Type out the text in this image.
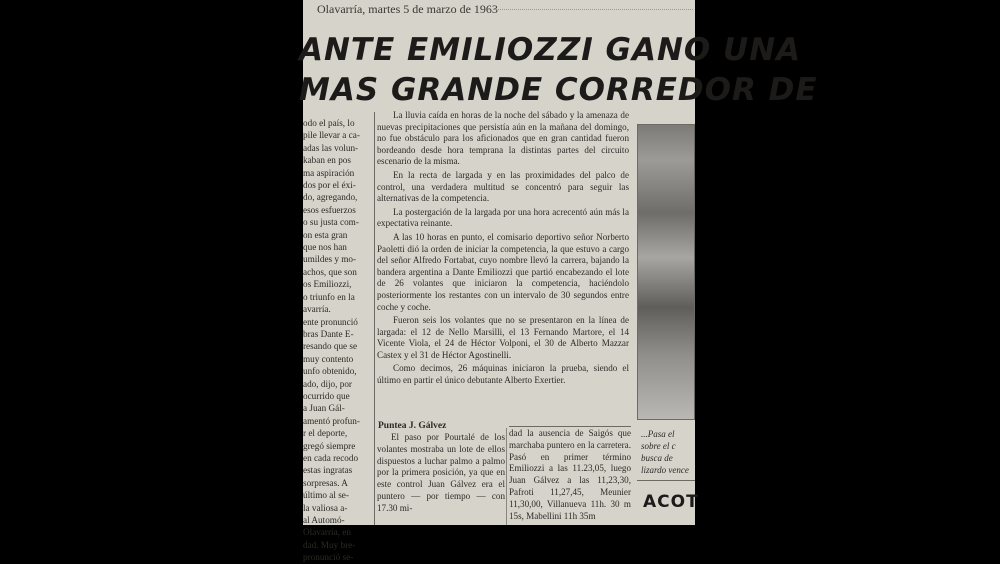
Olavarría, martes 5 de marzo de 1963
ANTE EMILIOZZI GANO UNA
MAS GRANDE CORREDOR DE
odo el país, lo
pile llevar a ca-
adas las volun-
kaban en pos
ma aspiración
dos por el éxi-
do, agregando,
esos esfuerzos
o su justa com-
on esta gran
que nos han
umildes y mo-
achos, que son
os Emiliozzi,
o triunfo en la
avarría.
ente pronunció
bras Dante E-
resando que se
muy contento
unfo obtenido,
ado, dijo, por
ocurrido que
a Juan Gál-
amentó profun-
r el deporte,
gregó siempre
en cada recodo
estas ingratas
sorpresas. A
último al se-
la valiosa a-
al Automó-
Olavarría, en
dad. Muy bre-
pronunció se-

La lluvia caída en horas de la noche del sábado y la amenaza de nuevas precipitaciones que persistía aún en la mañana del domingo, no fue obstáculo para los aficionados que en gran cantidad fueron bordeando desde hora temprana la distintas partes del circuito escenario de la misma.

En la recta de largada y en las proximidades del palco de control, una verdadera multitud se concentró para seguir las alternativas de la competencia.

La postergación de la largada por una hora acrecentó aún más la expectativa reinante.

A las 10 horas en punto, el comisario deportivo señor Norberto Paoletti dió la orden de iniciar la competencia, la que estuvo a cargo del señor Alfredo Fortabat, cuyo nombre llevó la carrera, bajando la bandera argentina a Dante Emiliozzi que partió encabezando el lote de 26 volantes que iniciaron la competencia, haciéndolo posteriormente los restantes con un intervalo de 30 segundos entre coche y coche.

Fueron seis los volantes que no se presentaron en la línea de largada: el 12 de Nello Marsilli, el 13 Fernando Martore, el 14 Vicente Viola, el 24 de Héctor Volponi, el 30 de Alberto Mazzar Castex y el 31 de Héctor Agostinelli.

Como decimos, 26 máquinas iniciaron la prueba, siendo el último en partir el único debutante Alberto Exertier.

Puntea J. Gálvez
El paso por Pourtalé de los volantes mostraba un lote de ellos dispuestos a luchar palmo a palmo por la primera posición, ya que en este control Juan Gálvez era el puntero — por tiempo — con 17.30 mi-
dad la ausencia de Saigós que marchaba puntero en la carretera. Pasó en primer término Emiliozzi a las 11.23,05, luego Juan Gálvez a las 11,23,30, Pafroti 11,27,45, Meunier 11,30,00, Villanueva 11h. 30 m 15s, Mabellini 11h 35m
...Pasa el
sobre el c
busca de
lizardo vence
ACOT
